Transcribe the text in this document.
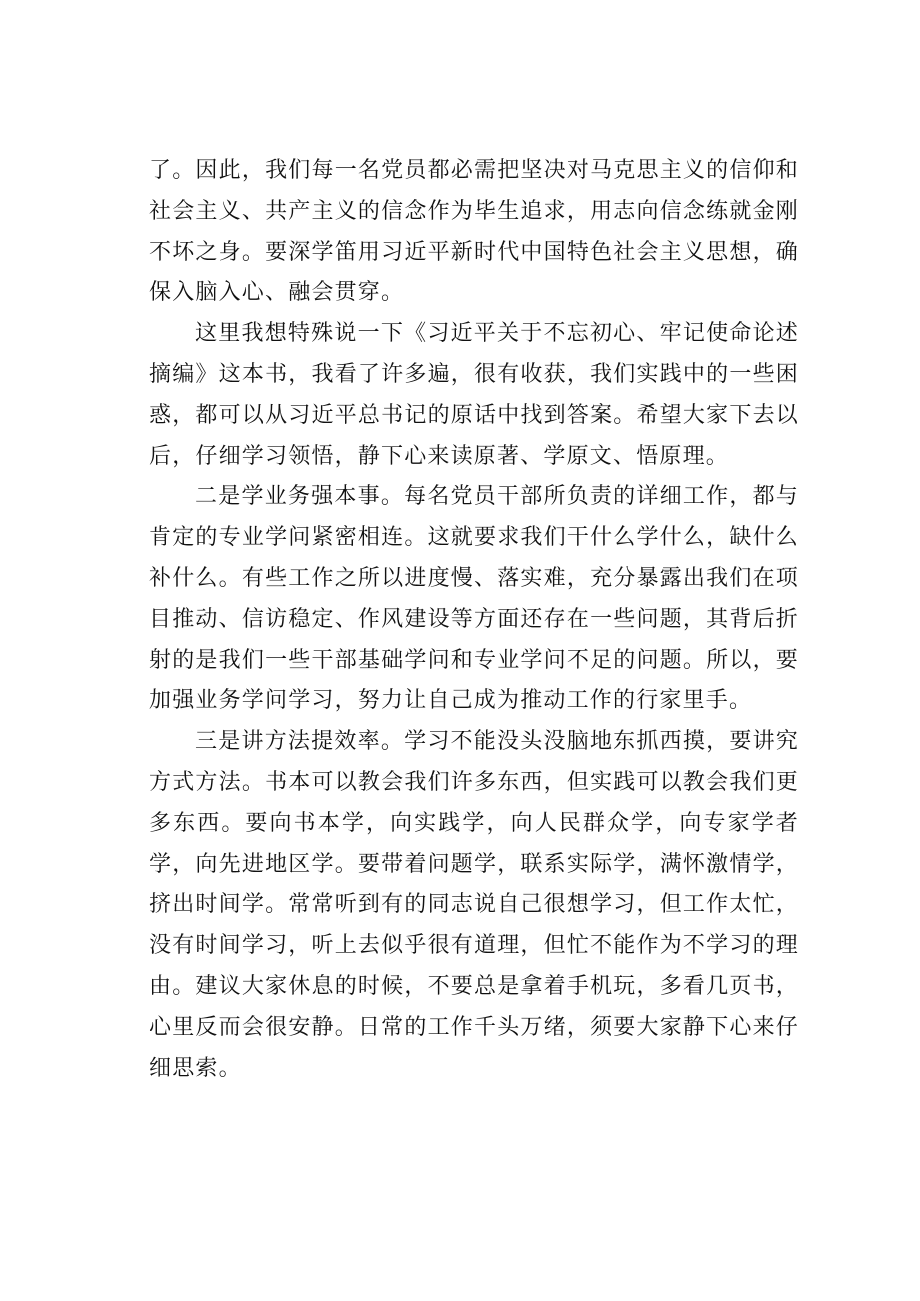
了。因此，我们每一名党员都必需把坚决对马克思主义的信仰和社会主义、共产主义的信念作为毕生追求，用志向信念练就金刚不坏之身。要深学笛用习近平新时代中国特色社会主义思想，确保入脑入心、融会贯穿。

这里我想特殊说一下《习近平关于不忘初心、牢记使命论述摘编》这本书，我看了许多遍，很有收获，我们实践中的一些困惑，都可以从习近平总书记的原话中找到答案。希望大家下去以后，仔细学习领悟，静下心来读原著、学原文、悟原理。

二是学业务强本事。每名党员干部所负责的详细工作，都与肯定的专业学问紧密相连。这就要求我们干什么学什么，缺什么补什么。有些工作之所以进度慢、落实难，充分暴露出我们在项目推动、信访稳定、作风建设等方面还存在一些问题，其背后折射的是我们一些干部基础学问和专业学问不足的问题。所以，要加强业务学问学习，努力让自己成为推动工作的行家里手。

三是讲方法提效率。学习不能没头没脑地东抓西摸，要讲究方式方法。书本可以教会我们许多东西，但实践可以教会我们更多东西。要向书本学，向实践学，向人民群众学，向专家学者学，向先进地区学。要带着问题学，联系实际学，满怀激情学，挤出时间学。常常听到有的同志说自己很想学习，但工作太忙，没有时间学习，听上去似乎很有道理，但忙不能作为不学习的理由。建议大家休息的时候，不要总是拿着手机玩，多看几页书，心里反而会很安静。日常的工作千头万绪，须要大家静下心来仔细思索。
